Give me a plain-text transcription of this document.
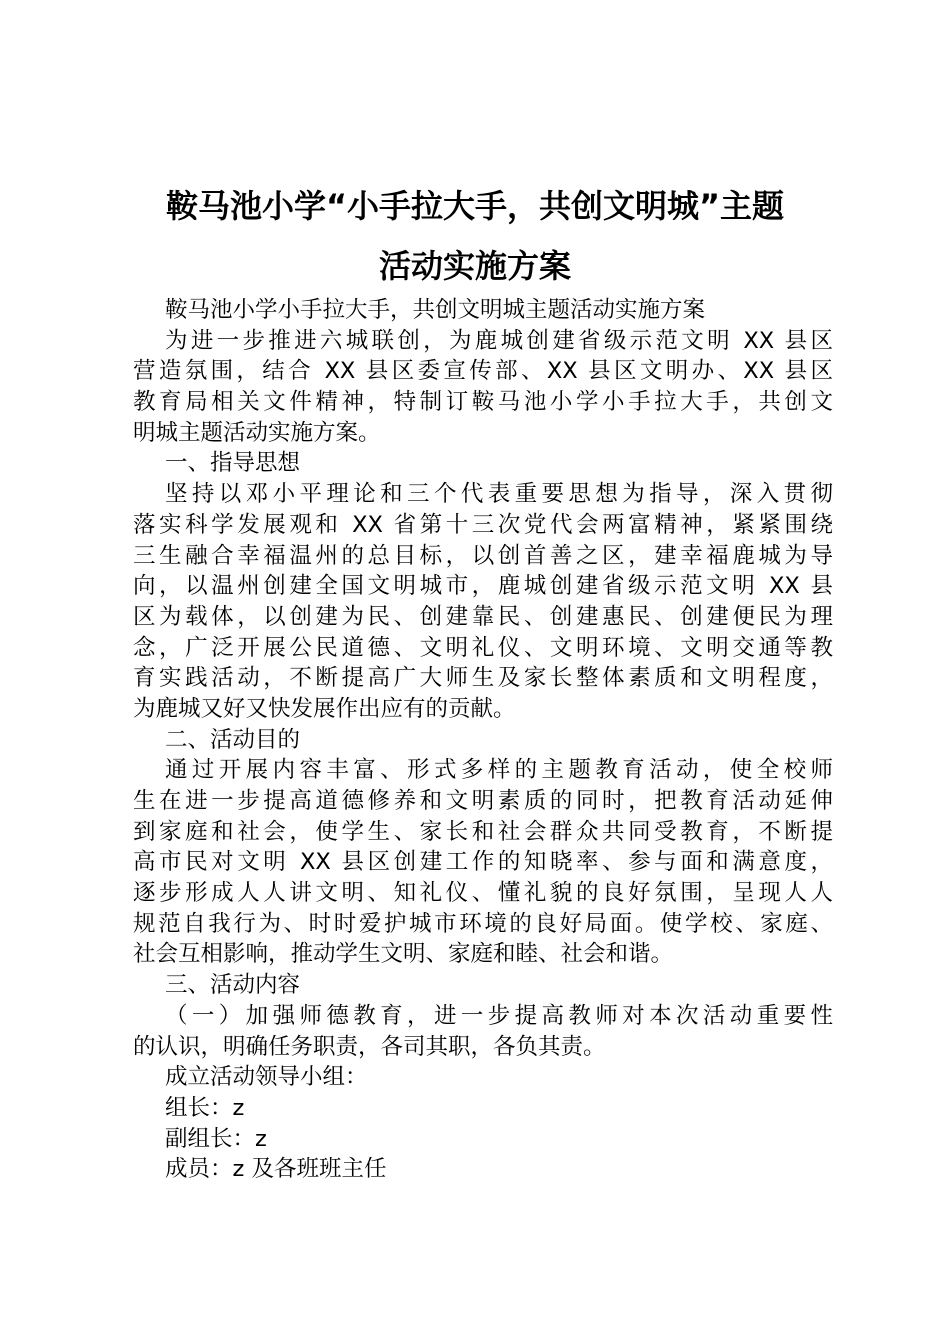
鞍马池小学“小手拉大手，共创文明城”主题
活动实施方案
鞍马池小学小手拉大手，共创文明城主题活动实施方案
为进一步推进六城联创，为鹿城创建省级示范文明 XX 县区
营造氛围，结合 XX 县区委宣传部、XX 县区文明办、XX 县区
教育局相关文件精神，特制订鞍马池小学小手拉大手，共创文
明城主题活动实施方案。
一、指导思想
坚持以邓小平理论和三个代表重要思想为指导，深入贯彻
落实科学发展观和 XX 省第十三次党代会两富精神，紧紧围绕
三生融合幸福温州的总目标，以创首善之区，建幸福鹿城为导
向，以温州创建全国文明城市，鹿城创建省级示范文明 XX 县
区为载体，以创建为民、创建靠民、创建惠民、创建便民为理
念，广泛开展公民道德、文明礼仪、文明环境、文明交通等教
育实践活动，不断提高广大师生及家长整体素质和文明程度，
为鹿城又好又快发展作出应有的贡献。
二、活动目的
通过开展内容丰富、形式多样的主题教育活动，使全校师
生在进一步提高道德修养和文明素质的同时，把教育活动延伸
到家庭和社会，使学生、家长和社会群众共同受教育，不断提
高市民对文明 XX 县区创建工作的知晓率、参与面和满意度，
逐步形成人人讲文明、知礼仪、懂礼貌的良好氛围，呈现人人
规范自我行为、时时爱护城市环境的良好局面。使学校、家庭、
社会互相影响，推动学生文明、家庭和睦、社会和谐。
三、活动内容
（一）加强师德教育，进一步提高教师对本次活动重要性
的认识，明确任务职责，各司其职，各负其责。
成立活动领导小组：
组长：z
副组长：z
成员：z 及各班班主任
